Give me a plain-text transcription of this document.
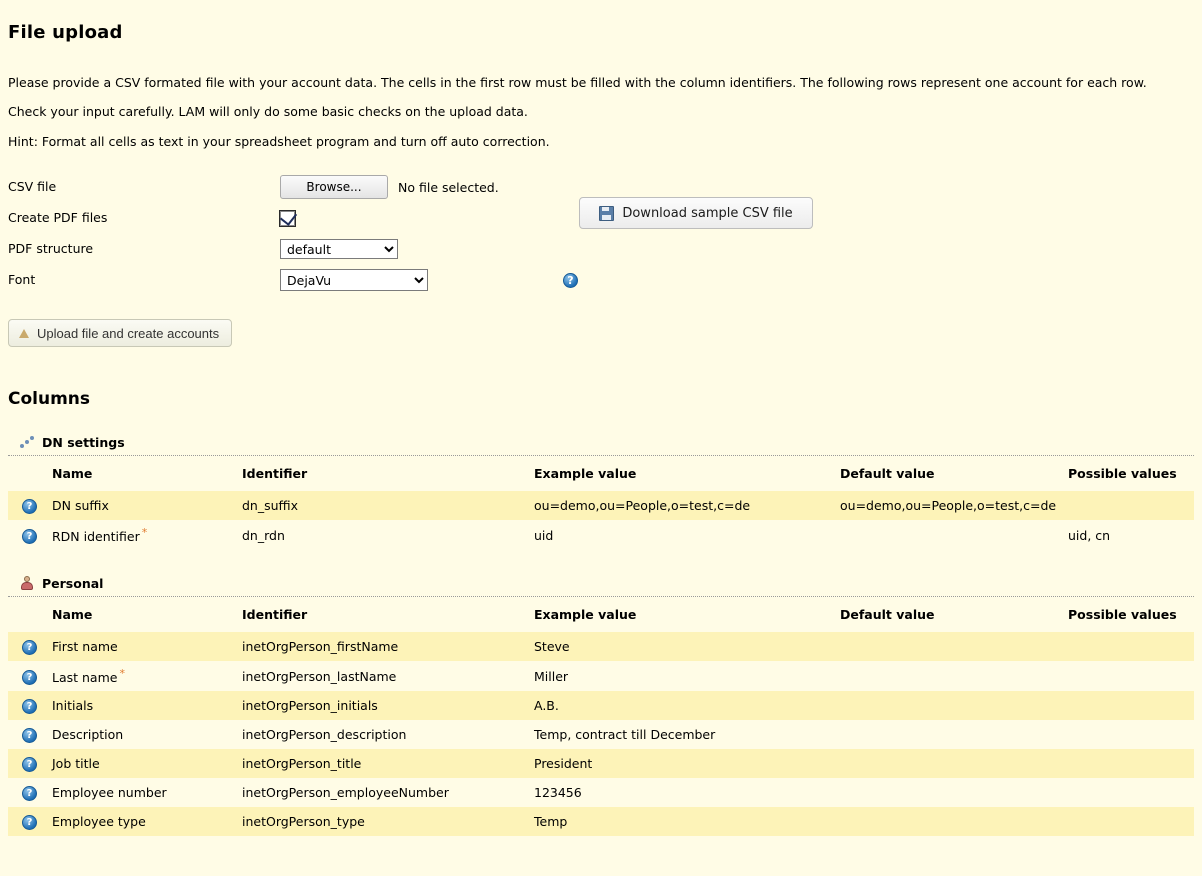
File upload

Please provide a CSV formated file with your account data. The cells in the first row must be filled with the column identifiers. The following rows represent one account for each row.

Check your input carefully. LAM will only do some basic checks on the upload data.

Hint: Format all cells as text in your spreadsheet program and turn off auto correction.

CSV file	Browse...	No file selected.
Create PDF files
PDF structure
default
Font
DejaVu	?
Upload file and create accounts
Download sample CSV file
Columns
DN settings
	Name	Identifier	Example value	Default value	Possible values
?	DN suffix	dn_suffix	ou=demo,ou=People,o=test,c=de	ou=demo,ou=People,o=test,c=de	
?	RDN identifier *	dn_rdn	uid		uid, cn
Personal
	Name	Identifier	Example value	Default value	Possible values
?	First name	inetOrgPerson_firstName	Steve		
?	Last name *	inetOrgPerson_lastName	Miller		
?	Initials	inetOrgPerson_initials	A.B.		
?	Description	inetOrgPerson_description	Temp, contract till December		
?	Job title	inetOrgPerson_title	President		
?	Employee number	inetOrgPerson_employeeNumber	123456		
?	Employee type	inetOrgPerson_type	Temp		
